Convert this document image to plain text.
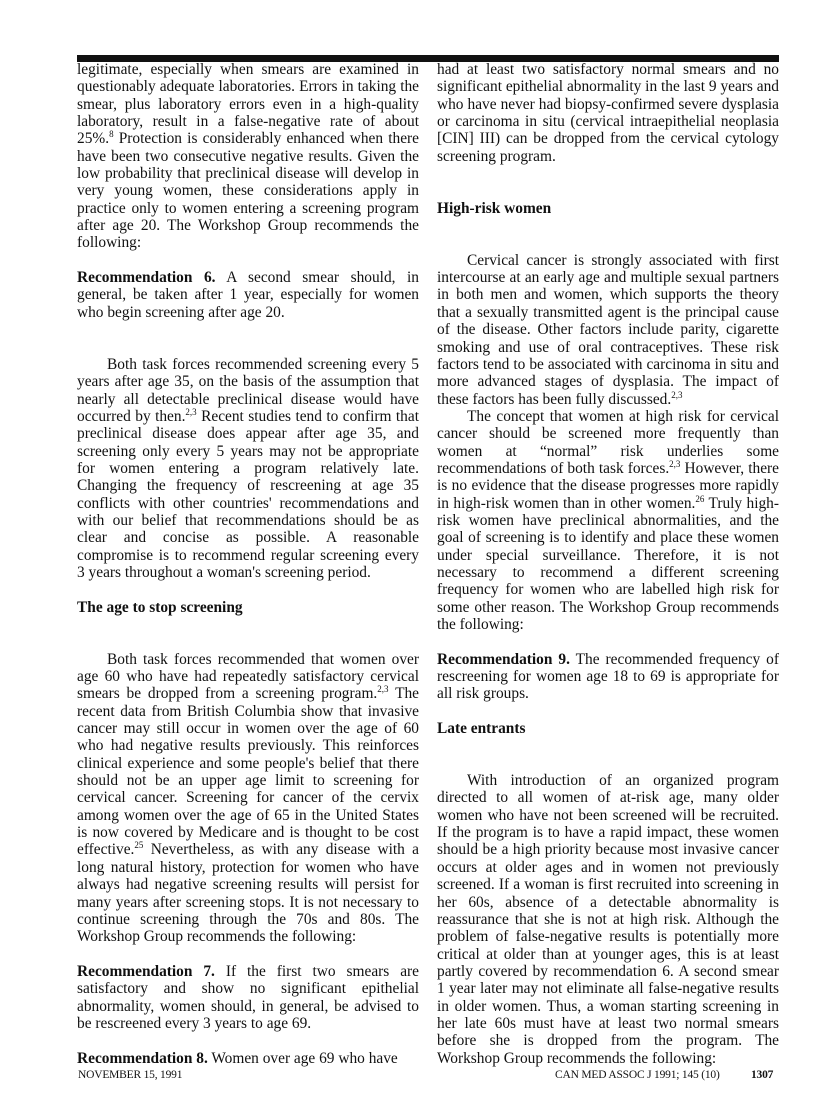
legitimate, especially when smears are examined in questionably adequate laboratories. Errors in taking the smear, plus laboratory errors even in a high-quality laboratory, result in a false-negative rate of about 25%.$^8$ Protection is considerably enhanced when there have been two consecutive negative results. Given the low probability that preclinical disease will develop in very young women, these considerations apply in practice only to women entering a screening program after age 20. The Workshop Group recommends the following:

Recommendation 6. A second smear should, in general, be taken after 1 year, especially for women who begin screening after age 20.

Both task forces recommended screening every 5 years after age 35, on the basis of the assumption that nearly all detectable preclinical disease would have occurred by then.$^{2,3}$ Recent studies tend to confirm that preclinical disease does appear after age 35, and screening only every 5 years may not be appropriate for women entering a program relatively late. Changing the frequency of rescreening at age 35 conflicts with other countries' recommendations and with our belief that recommendations should be as clear and concise as possible. A reasonable compromise is to recommend regular screening every 3 years throughout a woman's screening period.

The age to stop screening

Both task forces recommended that women over age 60 who have had repeatedly satisfactory cervical smears be dropped from a screening program.$^{2,3}$ The recent data from British Columbia show that invasive cancer may still occur in women over the age of 60 who had negative results previously. This reinforces clinical experience and some people's belief that there should not be an upper age limit to screening for cervical cancer. Screening for cancer of the cervix among women over the age of 65 in the United States is now covered by Medicare and is thought to be cost effective.$^{25}$ Nevertheless, as with any disease with a long natural history, protection for women who have always had negative screening results will persist for many years after screening stops. It is not necessary to continue screening through the 70s and 80s. The Workshop Group recommends the following:

Recommendation 7. If the first two smears are satisfactory and show no significant epithelial abnormality, women should, in general, be advised to be rescreened every 3 years to age 69.

Recommendation 8. Women over age 69 who have

had at least two satisfactory normal smears and no significant epithelial abnormality in the last 9 years and who have never had biopsy-confirmed severe dysplasia or carcinoma in situ (cervical intraepithelial neoplasia [CIN] III) can be dropped from the cervical cytology screening program.

High-risk women

Cervical cancer is strongly associated with first intercourse at an early age and multiple sexual partners in both men and women, which supports the theory that a sexually transmitted agent is the principal cause of the disease. Other factors include parity, cigarette smoking and use of oral contraceptives. These risk factors tend to be associated with carcinoma in situ and more advanced stages of dysplasia. The impact of these factors has been fully discussed.$^{2,3}$

The concept that women at high risk for cervical cancer should be screened more frequently than women at “normal” risk underlies some recommendations of both task forces.$^{2,3}$ However, there is no evidence that the disease progresses more rapidly in high-risk women than in other women.$^{26}$ Truly high-risk women have preclinical abnormalities, and the goal of screening is to identify and place these women under special surveillance. Therefore, it is not necessary to recommend a different screening frequency for women who are labelled high risk for some other reason. The Workshop Group recommends the following:

Recommendation 9. The recommended frequency of rescreening for women age 18 to 69 is appropriate for all risk groups.

Late entrants

With introduction of an organized program directed to all women of at-risk age, many older women who have not been screened will be recruited. If the program is to have a rapid impact, these women should be a high priority because most invasive cancer occurs at older ages and in women not previously screened. If a woman is first recruited into screening in her 60s, absence of a detectable abnormality is reassurance that she is not at high risk. Although the problem of false-negative results is potentially more critical at older than at younger ages, this is at least partly covered by recommendation 6. A second smear 1 year later may not eliminate all false-negative results in older women. Thus, a woman starting screening in her late 60s must have at least two normal smears before she is dropped from the program. The Workshop Group recommends the following:

NOVEMBER 15, 1991	CAN MED ASSOC J 1991; 145 (10)	1307
